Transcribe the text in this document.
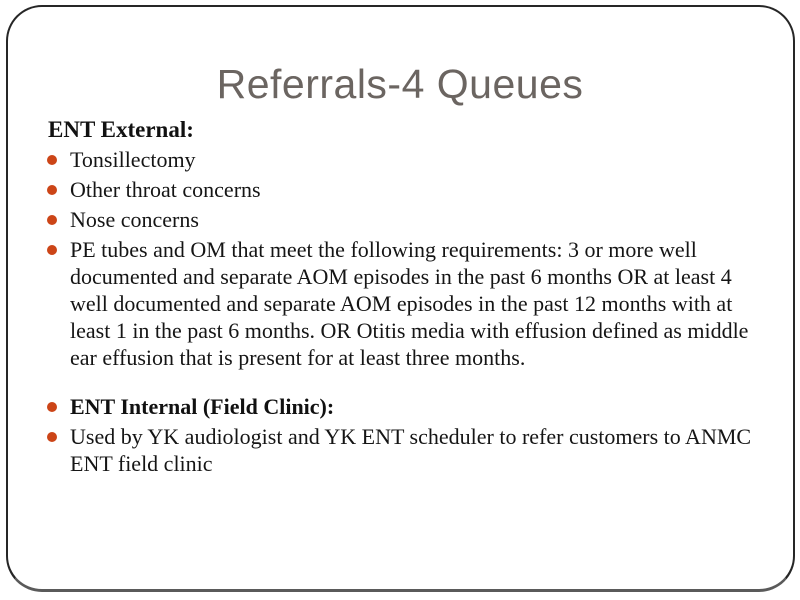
Referrals-4 Queues

ENT External:

Tonsillectomy
Other throat concerns
Nose concerns
PE tubes and OM that meet the following requirements: 3 or more well documented and separate AOM episodes in the past 6 months OR at least 4 well documented and separate AOM episodes in the past 12 months with at least 1 in the past 6 months. OR Otitis media with effusion defined as middle ear effusion that is present for at least three months.
ENT Internal (Field Clinic):
Used by YK audiologist and YK ENT scheduler to refer customers to ANMC ENT field clinic
